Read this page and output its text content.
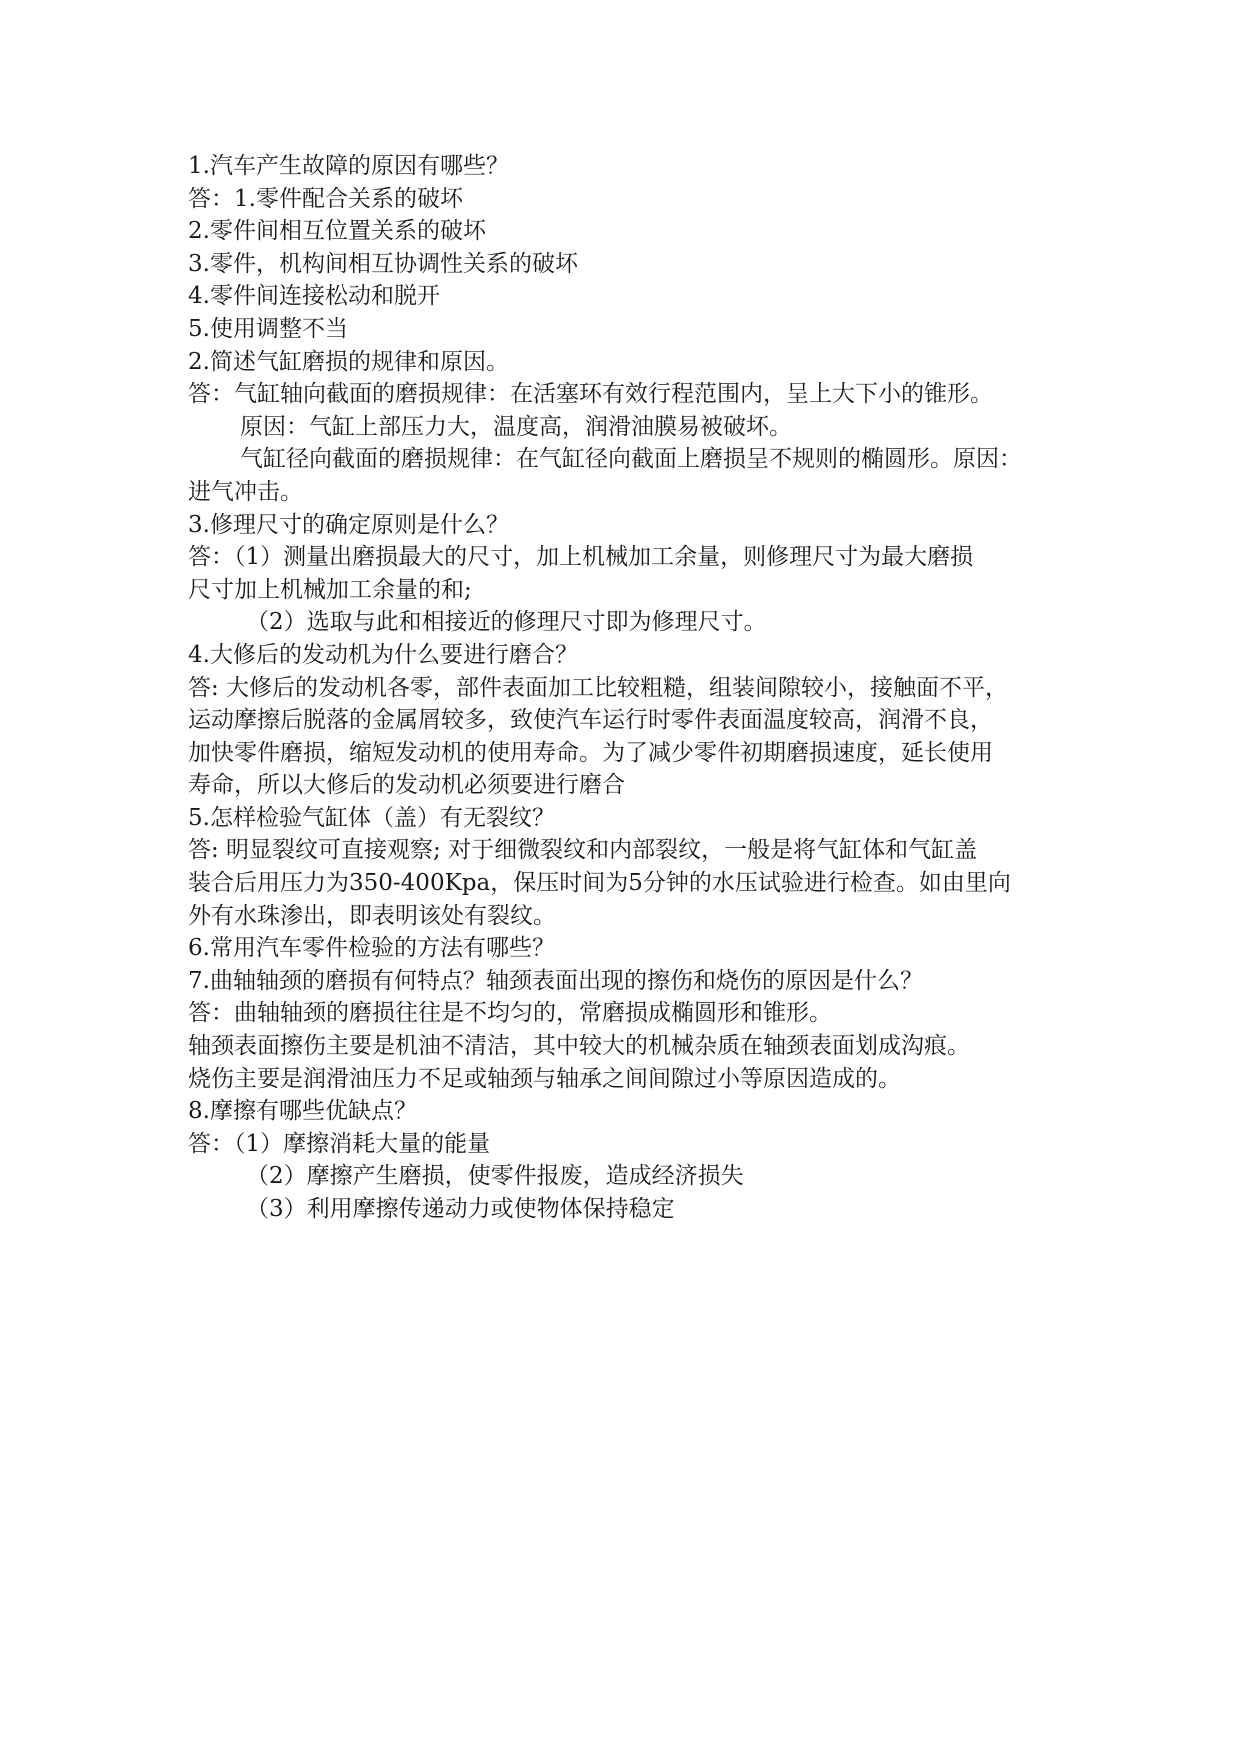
1.汽车产生故障的原因有哪些？
答：1.零件配合关系的破坏
2.零件间相互位置关系的破坏
3.零件，机构间相互协调性关系的破坏
4.零件间连接松动和脱开
5.使用调整不当
2.简述气缸磨损的规律和原因。
答：气缸轴向截面的磨损规律：在活塞环有效行程范围内，呈上大下小的锥形。
原因：气缸上部压力大，温度高，润滑油膜易被破坏。
气缸径向截面的磨损规律：在气缸径向截面上磨损呈不规则的椭圆形。原因：
进气冲击。
3.修理尺寸的确定原则是什么？
答：（1）测量出磨损最大的尺寸，加上机械加工余量，则修理尺寸为最大磨损
尺寸加上机械加工余量的和;
（2）选取与此和相接近的修理尺寸即为修理尺寸。
4.大修后的发动机为什么要进行磨合？
答: 大修后的发动机各零，部件表面加工比较粗糙，组装间隙较小，接触面不平，
运动摩擦后脱落的金属屑较多，致使汽车运行时零件表面温度较高，润滑不良，
加快零件磨损，缩短发动机的使用寿命。为了减少零件初期磨损速度，延长使用
寿命，所以大修后的发动机必须要进行磨合
5.怎样检验气缸体（盖）有无裂纹？
答: 明显裂纹可直接观察; 对于细微裂纹和内部裂纹，一般是将气缸体和气缸盖
装合后用压力为350-400Kpa，保压时间为5分钟的水压试验进行检查。如由里向
外有水珠渗出，即表明该处有裂纹。
6.常用汽车零件检验的方法有哪些？
7.曲轴轴颈的磨损有何特点？轴颈表面出现的擦伤和烧伤的原因是什么？
答：曲轴轴颈的磨损往往是不均匀的，常磨损成椭圆形和锥形。
轴颈表面擦伤主要是机油不清洁，其中较大的机械杂质在轴颈表面划成沟痕。
烧伤主要是润滑油压力不足或轴颈与轴承之间间隙过小等原因造成的。
8.摩擦有哪些优缺点？
答：（1）摩擦消耗大量的能量
（2）摩擦产生磨损，使零件报废，造成经济损失
（3）利用摩擦传递动力或使物体保持稳定
